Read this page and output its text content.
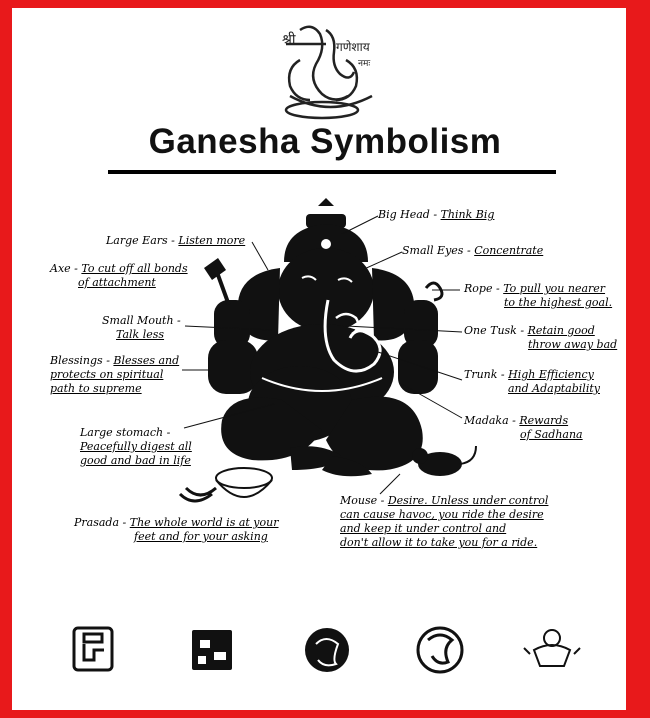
श्री	गणेशाय
नमः
Ganesha Symbolism
Big Head - Think Big
Large Ears - Listen more
Small Eyes - Concentrate
Axe - To cut off all bonds
of attachment	Rope - To pull you nearer
to the highest goal.
Small Mouth -
Talk less	One Tusk - Retain good
throw away bad
Blessings - Blesses and
protects on spiritual
path to supreme
Trunk - High Efficiency
and Adaptability
Madaka - Rewards
of Sadhana
Large stomach -
Peacefully digest all
good and bad in life
Mouse - Desire. Unless under control
can cause havoc, you ride the desire
and keep it under control and
don't allow it to take you for a ride.
Prasada - The whole world is at your
feet and for your asking
